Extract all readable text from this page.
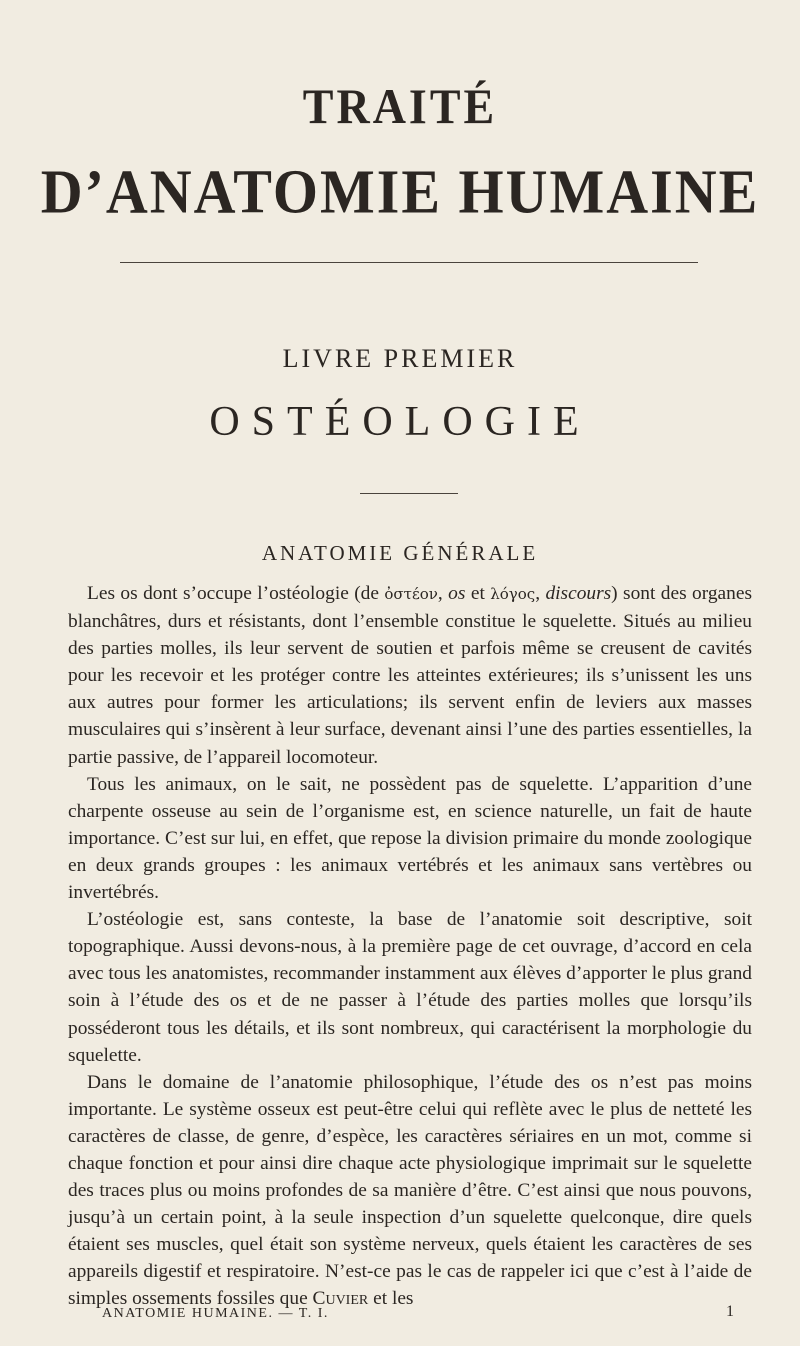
TRAITÉ
D’ANATOMIE HUMAINE
LIVRE PREMIER
OSTÉOLOGIE
ANATOMIE GÉNÉRALE

Les os dont s’occupe l’ostéologie (de ὀστέον, os et λόγος, discours) sont des organes blanchâtres, durs et résistants, dont l’ensemble constitue le squelette. Situés au milieu des parties molles, ils leur servent de soutien et parfois même se creusent de cavités pour les recevoir et les protéger contre les atteintes extérieures; ils s’unissent les uns aux autres pour former les articulations; ils servent enfin de leviers aux masses musculaires qui s’insèrent à leur surface, devenant ainsi l’une des parties essentielles, la partie passive, de l’appareil locomoteur.

Tous les animaux, on le sait, ne possèdent pas de squelette. L’apparition d’une charpente osseuse au sein de l’organisme est, en science naturelle, un fait de haute importance. C’est sur lui, en effet, que repose la division primaire du monde zoologique en deux grands groupes : les animaux vertébrés et les animaux sans vertèbres ou invertébrés.

L’ostéologie est, sans conteste, la base de l’anatomie soit descriptive, soit topographique. Aussi devons-nous, à la première page de cet ouvrage, d’accord en cela avec tous les anatomistes, recommander instamment aux élèves d’apporter le plus grand soin à l’étude des os et de ne passer à l’étude des parties molles que lorsqu’ils posséderont tous les détails, et ils sont nombreux, qui caractérisent la morphologie du squelette.

Dans le domaine de l’anatomie philosophique, l’étude des os n’est pas moins importante. Le système osseux est peut-être celui qui reflète avec le plus de netteté les caractères de classe, de genre, d’espèce, les caractères sériaires en un mot, comme si chaque fonction et pour ainsi dire chaque acte physiologique imprimait sur le squelette des traces plus ou moins profondes de sa manière d’être. C’est ainsi que nous pouvons, jusqu’à un certain point, à la seule inspection d’un squelette quelconque, dire quels étaient ses muscles, quel était son système nerveux, quels étaient les caractères de ses appareils digestif et respiratoire. N’est-ce pas le cas de rappeler ici que c’est à l’aide de simples ossements fossiles que Cuvier et les

ANATOMIE HUMAINE. — T. I.	1
